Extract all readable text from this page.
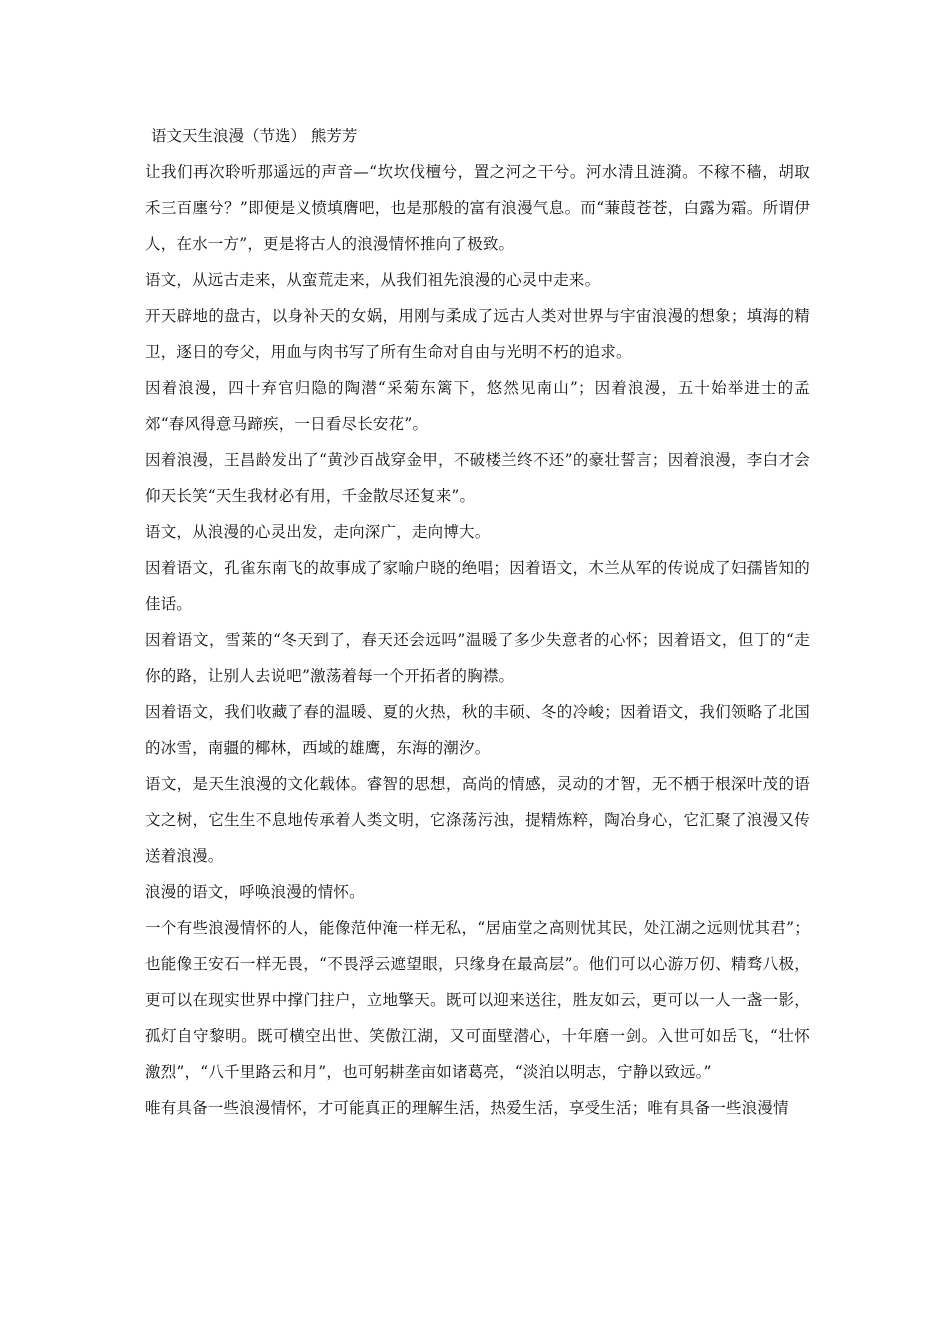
语文天生浪漫（节选） 熊芳芳

让我们再次聆听那遥远的声音—“坎坎伐檀兮，置之河之干兮。河水清且涟漪。不稼不穑，胡取禾三百廛兮？”即便是义愤填膺吧，也是那般的富有浪漫气息。而“蒹葭苍苍，白露为霜。所谓伊人，在水一方”，更是将古人的浪漫情怀推向了极致。

语文，从远古走来，从蛮荒走来，从我们祖先浪漫的心灵中走来。

开天辟地的盘古，以身补天的女娲，用刚与柔成了远古人类对世界与宇宙浪漫的想象；填海的精卫，逐日的夸父，用血与肉书写了所有生命对自由与光明不朽的追求。

因着浪漫，四十弃官归隐的陶潜“采菊东篱下，悠然见南山”；因着浪漫，五十始举进士的孟郊“春风得意马蹄疾，一日看尽长安花”。

因着浪漫，王昌龄发出了“黄沙百战穿金甲，不破楼兰终不还”的豪壮誓言；因着浪漫，李白才会仰天长笑“天生我材必有用，千金散尽还复来”。

语文，从浪漫的心灵出发，走向深广，走向博大。

因着语文，孔雀东南飞的故事成了家喻户晓的绝唱；因着语文，木兰从军的传说成了妇孺皆知的佳话。

因着语文，雪莱的“冬天到了，春天还会远吗”温暖了多少失意者的心怀；因着语文，但丁的“走你的路，让别人去说吧”激荡着每一个开拓者的胸襟。

因着语文，我们收藏了春的温暖、夏的火热，秋的丰硕、冬的冷峻；因着语文，我们领略了北国的冰雪，南疆的椰林，西域的雄鹰，东海的潮汐。

语文，是天生浪漫的文化载体。睿智的思想，高尚的情感，灵动的才智，无不栖于根深叶茂的语文之树，它生生不息地传承着人类文明，它涤荡污浊，提精炼粹，陶冶身心，它汇聚了浪漫又传送着浪漫。

浪漫的语文，呼唤浪漫的情怀。

一个有些浪漫情怀的人，能像范仲淹一样无私，“居庙堂之高则忧其民，处江湖之远则忧其君”；也能像王安石一样无畏，“不畏浮云遮望眼，只缘身在最高层”。他们可以心游万仞、精骛八极，更可以在现实世界中撑门拄户，立地擎天。既可以迎来送往，胜友如云，更可以一人一盏一影，孤灯自守黎明。既可横空出世、笑傲江湖，又可面壁潜心，十年磨一剑。入世可如岳飞，“壮怀激烈”，“八千里路云和月”，也可躬耕垄亩如诸葛亮，“淡泊以明志，宁静以致远。”

唯有具备一些浪漫情怀，才可能真正的理解生活，热爱生活，享受生活；唯有具备一些浪漫情
